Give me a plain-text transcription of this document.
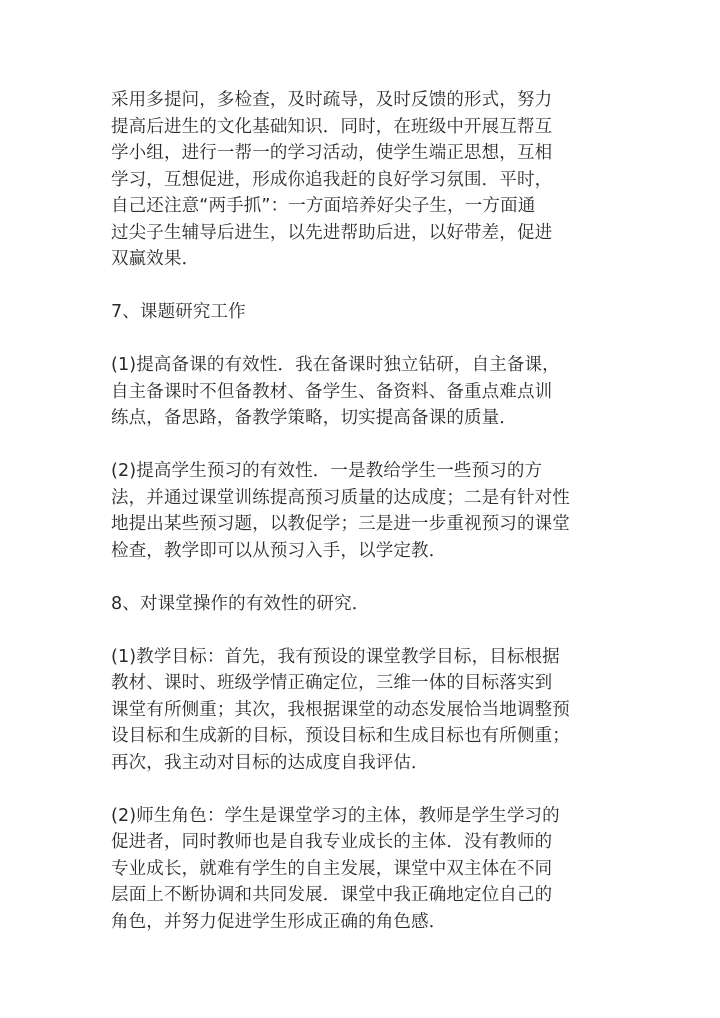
采用多提问，多检查，及时疏导，及时反馈的形式，努力
提高后进生的文化基础知识．同时，在班级中开展互帮互
学小组，进行一帮一的学习活动，使学生端正思想，互相
学习，互想促进，形成你追我赶的良好学习氛围．平时，
自己还注意“两手抓”：一方面培养好尖子生，一方面通
过尖子生辅导后进生，以先进帮助后进，以好带差，促进
双赢效果．

7、课题研究工作

(1)提高备课的有效性．我在备课时独立钻研，自主备课，
自主备课时不但备教材、备学生、备资料、备重点难点训
练点，备思路，备教学策略，切实提高备课的质量．

(2)提高学生预习的有效性．一是教给学生一些预习的方
法，并通过课堂训练提高预习质量的达成度；二是有针对性
地提出某些预习题，以教促学；三是进一步重视预习的课堂
检查，教学即可以从预习入手，以学定教．

8、对课堂操作的有效性的研究．

(1)教学目标：首先，我有预设的课堂教学目标，目标根据
教材、课时、班级学情正确定位，三维一体的目标落实到
课堂有所侧重；其次，我根据课堂的动态发展恰当地调整预
设目标和生成新的目标，预设目标和生成目标也有所侧重；
再次，我主动对目标的达成度自我评估．

(2)师生角色：学生是课堂学习的主体，教师是学生学习的
促进者，同时教师也是自我专业成长的主体．没有教师的
专业成长，就难有学生的自主发展，课堂中双主体在不同
层面上不断协调和共同发展．课堂中我正确地定位自己的
角色，并努力促进学生形成正确的角色感．
